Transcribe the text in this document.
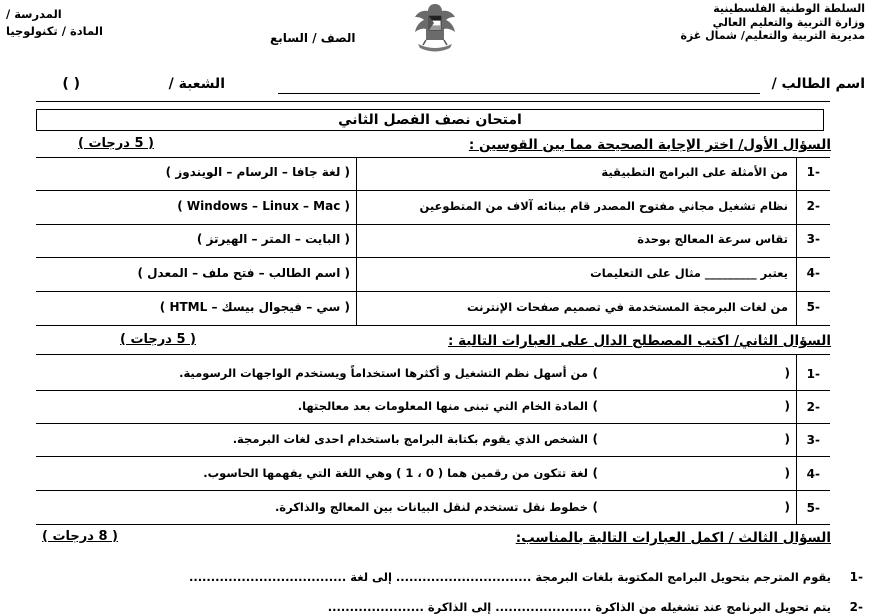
المدرسة /
المادة / تكنولوجيا	الصف / السابع
السلطة الوطنية الفلسطينية
وزارة التربية والتعليم العالي
مديرية التربية والتعليم/ شمال غزة
اسم الطالب /
الشعبة /
( )
امتحان نصف الفصل الثاني
السؤال الأول/ اختر الإجابة الصحيحة مما بين القوسين :
( 5 درجات )
-1
من الأمثلة على البرامج التطبيقية
( لغة جافا – الرسام – الويندوز )
-2
نظام تشغيل مجاني مفتوح المصدر قام ببنائه آلاف من المتطوعين
( Windows – Linux – Mac )
-3
تقاس سرعة المعالج بوحدة
( البايت – المتر – الهيرتز )
-4
يعتبر _________ مثال على التعليمات
( اسم الطالب – فتح ملف – المعدل )
-5
من لغات البرمجة المستخدمة في تصميم صفحات الإنترنت
( سي – فيجوال بيسك – HTML )
السؤال الثاني/ اكتب المصطلح الدال على العبارات التالية :
( 5 درجات )
-1
(
)
من أسهل نظم التشغيل و أكثرها استخداماً ويستخدم الواجهات الرسومية.
-2
(
)
المادة الخام التي تبنى منها المعلومات بعد معالجتها.
-3
(
)
الشخص الذي يقوم بكتابة البرامج باستخدام احدى لغات البرمجة.
-4
(
)
لغة تتكون من رقمين هما ( 0 ، 1 ) وهي اللغة التي يفهمها الحاسوب.
-5
(
)
خطوط نقل تستخدم لنقل البيانات بين المعالج والذاكرة.
السؤال الثالث / اكمل العبارات التالية بالمناسب:
( 8 درجات )
-1
يقوم المترجم بتحويل البرامج المكتوبة بلغات البرمجة ............................... إلى لغة ....................................
-2
يتم تحويل البرنامج عند تشغيله من الذاكرة ...................... إلى الذاكرة ......................
